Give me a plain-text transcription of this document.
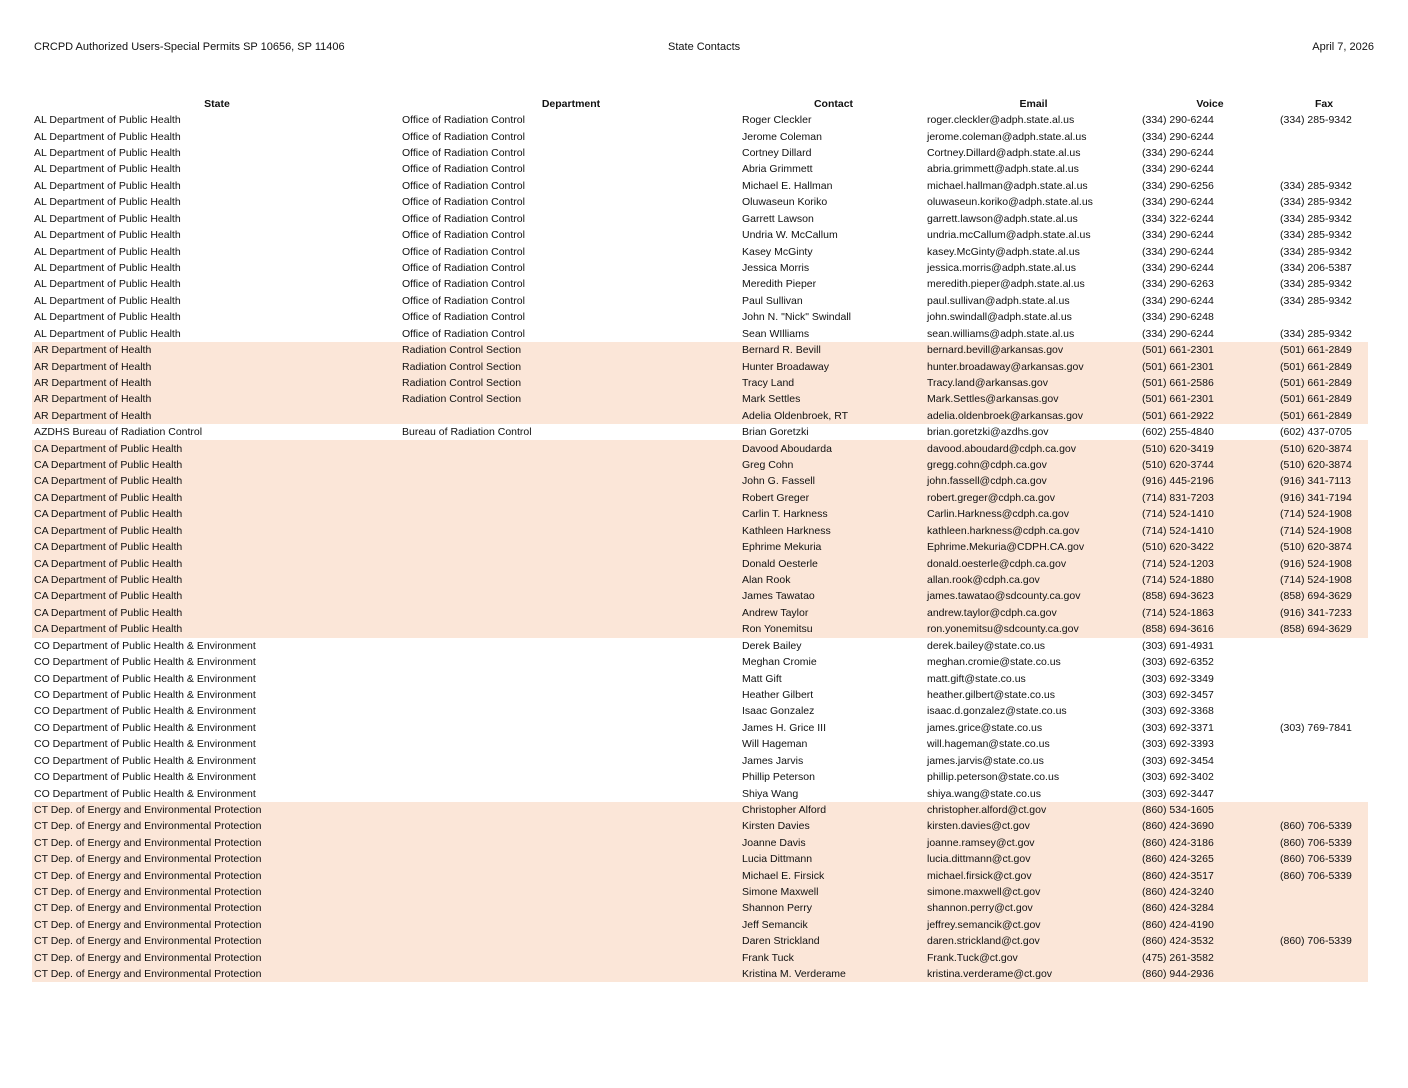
CRCPD Authorized Users-Special Permits SP 10656, SP 11406	State Contacts	April 7, 2026
State	Department	Contact	Email	Voice	Fax
AL Department of Public Health	Office of Radiation Control	Roger Cleckler	roger.cleckler@adph.state.al.us	(334) 290-6244	(334) 285-9342
AL Department of Public Health	Office of Radiation Control	Jerome Coleman	jerome.coleman@adph.state.al.us	(334) 290-6244	
AL Department of Public Health	Office of Radiation Control	Cortney Dillard	Cortney.Dillard@adph.state.al.us	(334) 290-6244	
AL Department of Public Health	Office of Radiation Control	Abria Grimmett	abria.grimmett@adph.state.al.us	(334) 290-6244	
AL Department of Public Health	Office of Radiation Control	Michael E. Hallman	michael.hallman@adph.state.al.us	(334) 290-6256	(334) 285-9342
AL Department of Public Health	Office of Radiation Control	Oluwaseun Koriko	oluwaseun.koriko@adph.state.al.us	(334) 290-6244	(334) 285-9342
AL Department of Public Health	Office of Radiation Control	Garrett Lawson	garrett.lawson@adph.state.al.us	(334) 322-6244	(334) 285-9342
AL Department of Public Health	Office of Radiation Control	Undria W. McCallum	undria.mcCallum@adph.state.al.us	(334) 290-6244	(334) 285-9342
AL Department of Public Health	Office of Radiation Control	Kasey McGinty	kasey.McGinty@adph.state.al.us	(334) 290-6244	(334) 285-9342
AL Department of Public Health	Office of Radiation Control	Jessica Morris	jessica.morris@adph.state.al.us	(334) 290-6244	(334) 206-5387
AL Department of Public Health	Office of Radiation Control	Meredith Pieper	meredith.pieper@adph.state.al.us	(334) 290-6263	(334) 285-9342
AL Department of Public Health	Office of Radiation Control	Paul Sullivan	paul.sullivan@adph.state.al.us	(334) 290-6244	(334) 285-9342
AL Department of Public Health	Office of Radiation Control	John N. "Nick" Swindall	john.swindall@adph.state.al.us	(334) 290-6248	
AL Department of Public Health	Office of Radiation Control	Sean WIlliams	sean.williams@adph.state.al.us	(334) 290-6244	(334) 285-9342
AR Department of Health	Radiation Control Section	Bernard R. Bevill	bernard.bevill@arkansas.gov	(501) 661-2301	(501) 661-2849
AR Department of Health	Radiation Control Section	Hunter Broadaway	hunter.broadaway@arkansas.gov	(501) 661-2301	(501) 661-2849
AR Department of Health	Radiation Control Section	Tracy Land	Tracy.land@arkansas.gov	(501) 661-2586	(501) 661-2849
AR Department of Health	Radiation Control Section	Mark Settles	Mark.Settles@arkansas.gov	(501) 661-2301	(501) 661-2849
AR Department of Health		Adelia Oldenbroek, RT	adelia.oldenbroek@arkansas.gov	(501) 661-2922	(501) 661-2849
AZDHS Bureau of Radiation Control	Bureau of Radiation Control	Brian Goretzki	brian.goretzki@azdhs.gov	(602) 255-4840	(602) 437-0705
CA Department of Public Health		Davood Aboudarda	davood.aboudard@cdph.ca.gov	(510) 620-3419	(510) 620-3874
CA Department of Public Health		Greg Cohn	gregg.cohn@cdph.ca.gov	(510) 620-3744	(510) 620-3874
CA Department of Public Health		John G. Fassell	john.fassell@cdph.ca.gov	(916) 445-2196	(916) 341-7113
CA Department of Public Health		Robert Greger	robert.greger@cdph.ca.gov	(714) 831-7203	(916) 341-7194
CA Department of Public Health		Carlin T. Harkness	Carlin.Harkness@cdph.ca.gov	(714) 524-1410	(714) 524-1908
CA Department of Public Health		Kathleen Harkness	kathleen.harkness@cdph.ca.gov	(714) 524-1410	(714) 524-1908
CA Department of Public Health		Ephrime Mekuria	Ephrime.Mekuria@CDPH.CA.gov	(510) 620-3422	(510) 620-3874
CA Department of Public Health		Donald Oesterle	donald.oesterle@cdph.ca.gov	(714) 524-1203	(916) 524-1908
CA Department of Public Health		Alan Rook	allan.rook@cdph.ca.gov	(714) 524-1880	(714) 524-1908
CA Department of Public Health		James Tawatao	james.tawatao@sdcounty.ca.gov	(858) 694-3623	(858) 694-3629
CA Department of Public Health		Andrew Taylor	andrew.taylor@cdph.ca.gov	(714) 524-1863	(916) 341-7233
CA Department of Public Health		Ron Yonemitsu	ron.yonemitsu@sdcounty.ca.gov	(858) 694-3616	(858) 694-3629
CO Department of Public Health & Environment		Derek Bailey	derek.bailey@state.co.us	(303) 691-4931	
CO Department of Public Health & Environment		Meghan Cromie	meghan.cromie@state.co.us	(303) 692-6352	
CO Department of Public Health & Environment		Matt Gift	matt.gift@state.co.us	(303) 692-3349	
CO Department of Public Health & Environment		Heather Gilbert	heather.gilbert@state.co.us	(303) 692-3457	
CO Department of Public Health & Environment		Isaac Gonzalez	isaac.d.gonzalez@state.co.us	(303) 692-3368	
CO Department of Public Health & Environment		James H. Grice III	james.grice@state.co.us	(303) 692-3371	(303) 769-7841
CO Department of Public Health & Environment		Will Hageman	will.hageman@state.co.us	(303) 692-3393	
CO Department of Public Health & Environment		James Jarvis	james.jarvis@state.co.us	(303) 692-3454	
CO Department of Public Health & Environment		Phillip Peterson	phillip.peterson@state.co.us	(303) 692-3402	
CO Department of Public Health & Environment		Shiya Wang	shiya.wang@state.co.us	(303) 692-3447	
CT Dep. of Energy and Environmental Protection		Christopher Alford	christopher.alford@ct.gov	(860) 534-1605	
CT Dep. of Energy and Environmental Protection		Kirsten Davies	kirsten.davies@ct.gov	(860) 424-3690	(860) 706-5339
CT Dep. of Energy and Environmental Protection		Joanne Davis	joanne.ramsey@ct.gov	(860) 424-3186	(860) 706-5339
CT Dep. of Energy and Environmental Protection		Lucia Dittmann	lucia.dittmann@ct.gov	(860) 424-3265	(860) 706-5339
CT Dep. of Energy and Environmental Protection		Michael E. Firsick	michael.firsick@ct.gov	(860) 424-3517	(860) 706-5339
CT Dep. of Energy and Environmental Protection		Simone Maxwell	simone.maxwell@ct.gov	(860) 424-3240	
CT Dep. of Energy and Environmental Protection		Shannon Perry	shannon.perry@ct.gov	(860) 424-3284	
CT Dep. of Energy and Environmental Protection		Jeff Semancik	jeffrey.semancik@ct.gov	(860) 424-4190	
CT Dep. of Energy and Environmental Protection		Daren Strickland	daren.strickland@ct.gov	(860) 424-3532	(860) 706-5339
CT Dep. of Energy and Environmental Protection		Frank Tuck	Frank.Tuck@ct.gov	(475) 261-3582	
CT Dep. of Energy and Environmental Protection		Kristina M. Verderame	kristina.verderame@ct.gov	(860) 944-2936	
